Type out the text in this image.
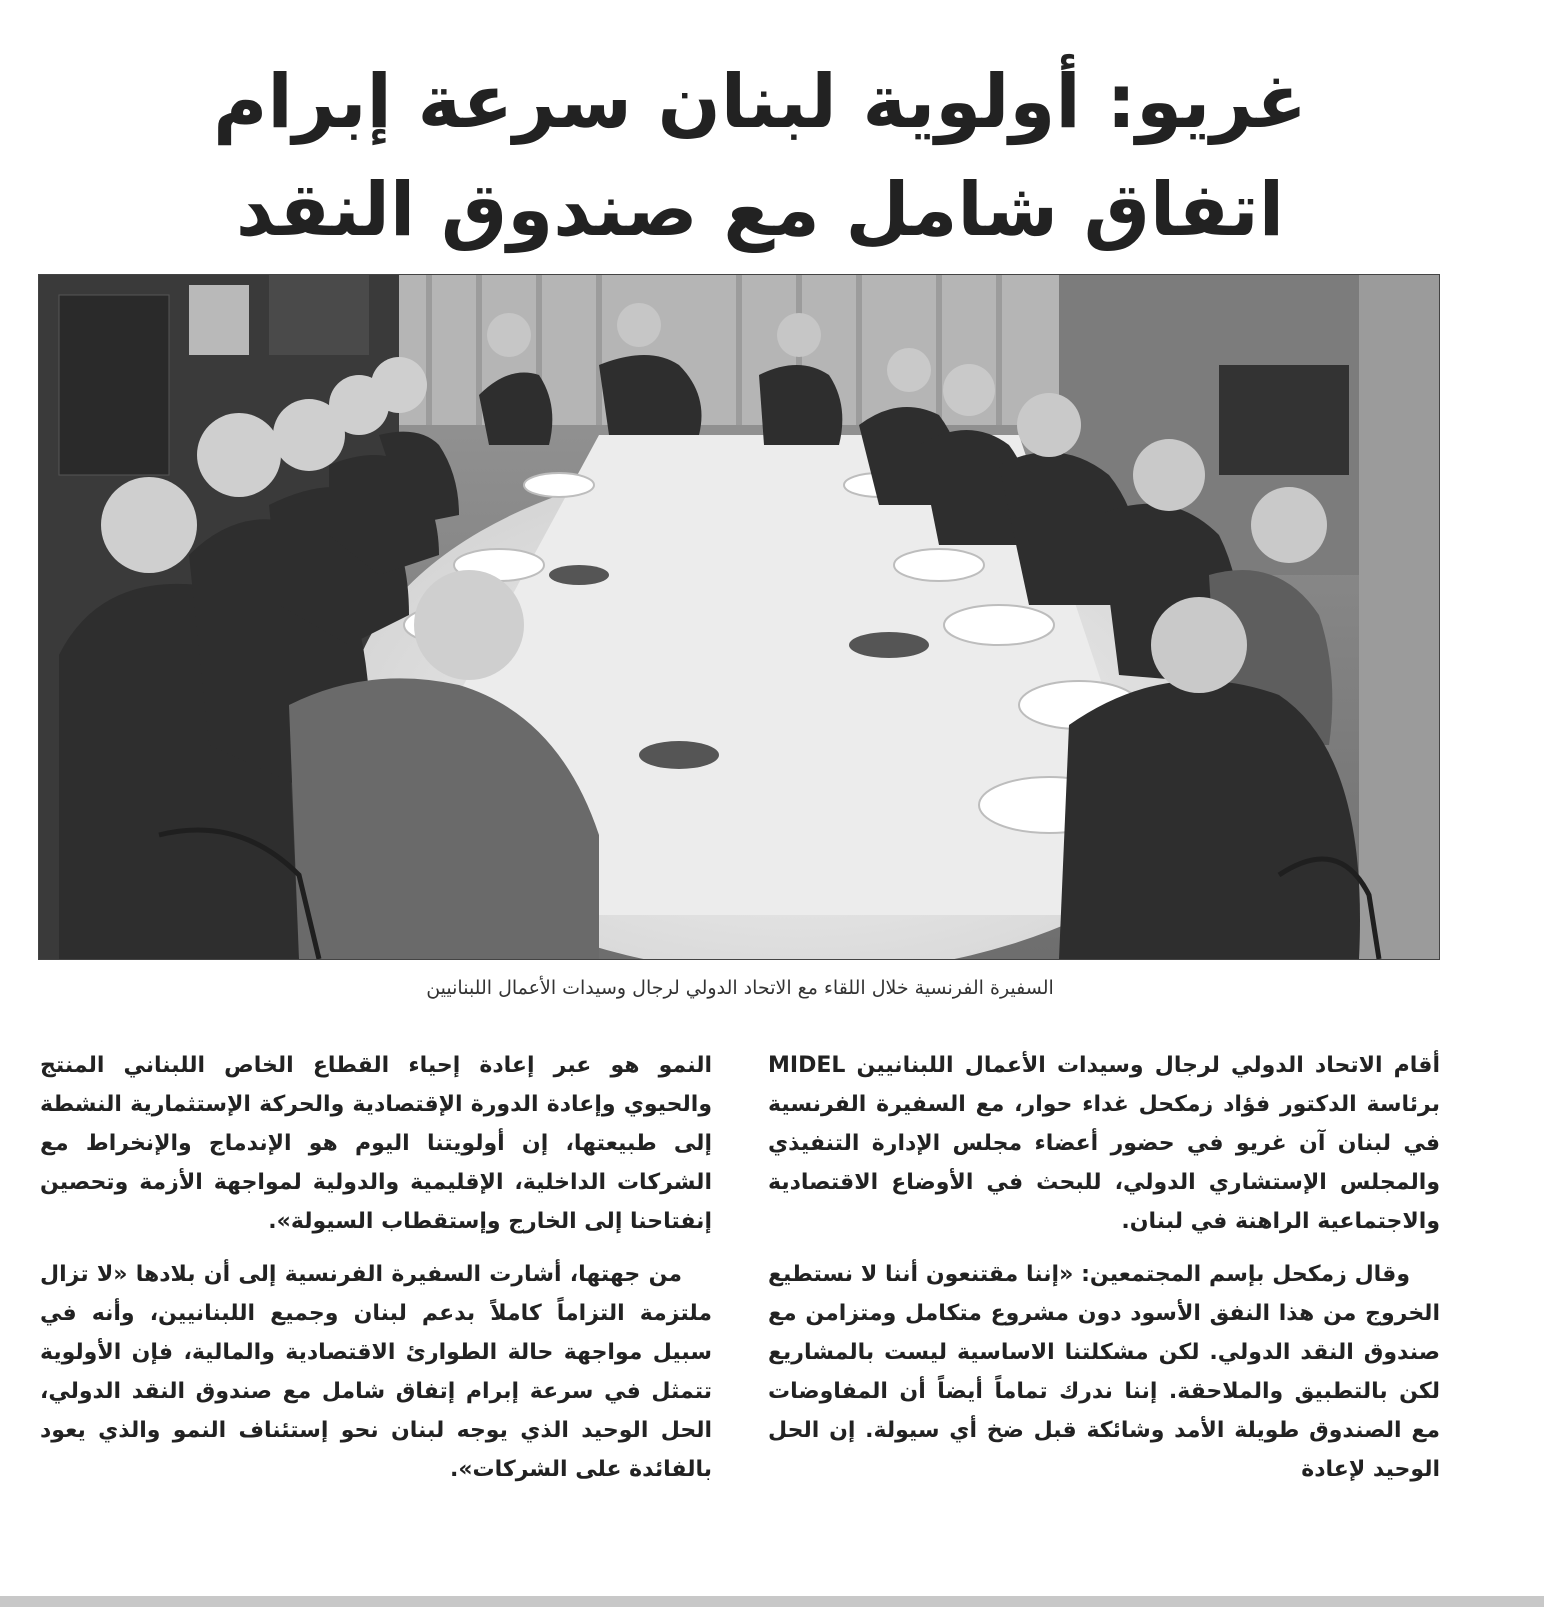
غريو: أولوية لبنان سرعة إبرام
اتفاق شامل مع صندوق النقد
السفيرة الفرنسية خلال اللقاء مع الاتحاد الدولي لرجال وسيدات الأعمال اللبنانيين

أقام الاتحاد الدولي لرجال وسيدات الأعمال اللبنانيين MIDEL برئاسة الدكتور فؤاد زمكحل غداء حوار، مع السفيرة الفرنسية في لبنان آن غريو في حضور أعضاء مجلس الإدارة التنفيذي والمجلس الإستشاري الدولي، للبحث في الأوضاع الاقتصادية والاجتماعية الراهنة في لبنان.

وقال زمكحل بإسم المجتمعين: «إننا مقتنعون أننا لا نستطيع الخروج من هذا النفق الأسود دون مشروع متكامل ومتزامن مع صندوق النقد الدولي. لكن مشكلتنا الاساسية ليست بالمشاريع لكن بالتطبيق والملاحقة. إننا ندرك تماماً أيضاً أن المفاوضات مع الصندوق طويلة الأمد وشائكة قبل ضخ أي سيولة. إن الحل الوحيد لإعادة

النمو هو عبر إعادة إحياء القطاع الخاص اللبناني المنتج والحيوي وإعادة الدورة الإقتصادية والحركة الإستثمارية النشطة إلى طبيعتها، إن أولويتنا اليوم هو الإندماج والإنخراط مع الشركات الداخلية، الإقليمية والدولية لمواجهة الأزمة وتحصين إنفتاحنا إلى الخارج وإستقطاب السيولة».

من جهتها، أشارت السفيرة الفرنسية إلى أن بلادها «لا تزال ملتزمة التزاماً كاملاً بدعم لبنان وجميع اللبنانيين، وأنه في سبيل مواجهة حالة الطوارئ الاقتصادية والمالية، فإن الأولوية تتمثل في سرعة إبرام إتفاق شامل مع صندوق النقد الدولي، الحل الوحيد الذي يوجه لبنان نحو إستئناف النمو والذي يعود بالفائدة على الشركات».
